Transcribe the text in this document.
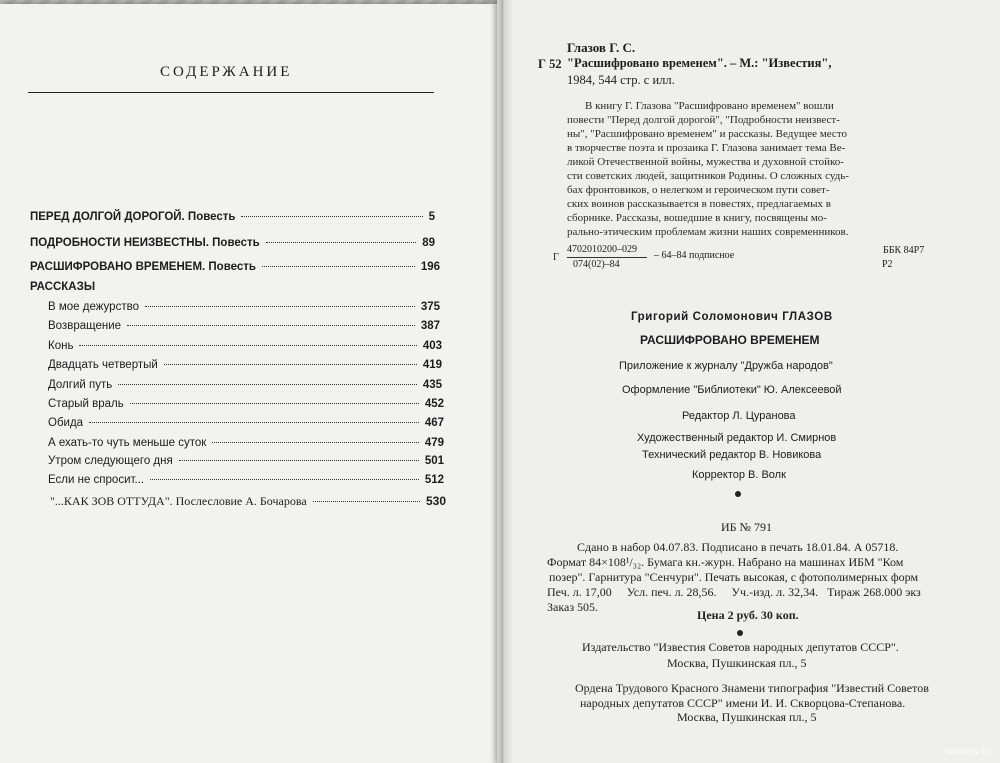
СОДЕРЖАНИЕ
ПЕРЕД ДОЛГОЙ ДОРОГОЙ. Повесть	5
ПОДРОБНОСТИ НЕИЗВЕСТНЫ. Повесть	89
РАСШИФРОВАНО ВРЕМЕНЕМ. Повесть	196
РАССКАЗЫ
В мое дежурство	375
Возвращение	387
Конь	403
Двадцать четвертый	419
Долгий путь	435
Старый враль	452
Обида	467
А ехать-то чуть меньше суток	479
Утром следующего дня	501
Если не спросит...	512
"...КАК ЗОВ ОТТУДА". Послесловие А. Бочарова	530
Глазов Г. С.
Г 52 "Расшифровано временем". – М.: "Известия",
1984, 544 стр. с илл.
В книгу Г. Глазова "Расшифровано временем" вошли
повести "Перед долгой дорогой", "Подробности неизвест-
ны", "Расшифровано временем" и рассказы. Ведущее место
в творчестве поэта и прозаика Г. Глазова занимает тема Ве-
ликой Отечественной войны, мужества и духовной стойко-
сти советских людей, защитников Родины. О сложных судь-
бах фронтовиков, о нелегком и героическом пути совет-
ских воинов рассказывается в повестях, предлагаемых в
сборнике. Рассказы, вошедшие в книгу, посвящены мо-
рально-этическим проблемам жизни наших современников.
Г
4702010200–029
074(02)–84
– 64–84 подписное	ББК 84Р7
Р2
Григорий Соломонович ГЛАЗОВ
РАСШИФРОВАНО ВРЕМЕНЕМ
Приложение к журналу "Дружба народов"
Оформление "Библиотеки" Ю. Алексеевой
Редактор Л. Цуранова
Художественный редактор И. Смирнов
Технический редактор В. Новикова
Корректор В. Волк
ИБ № 791
Сдано в набор 04.07.83. Подписано в печать 18.01.84. А 05718.
Формат 84×108¹/₃₂. Бумага кн.-журн. Набрано на машинах ИБМ "Ком
позер". Гарнитура "Сенчури". Печать высокая, с фотополимерных форм
Печ. л. 17,00     Усл. печ. л. 28,56.     Уч.-изд. л. 32,34.   Тираж 268.000 экз
Заказ 505.
Цена 2 руб. 30 коп.
Издательство "Известия Советов народных депутатов СССР".
Москва, Пушкинская пл., 5
Ордена Трудового Красного Знамени типография "Известий Советов
народных депутатов СССР" имени И. И. Скворцова-Степанова.
Москва, Пушкинская пл., 5
www.ay.by
